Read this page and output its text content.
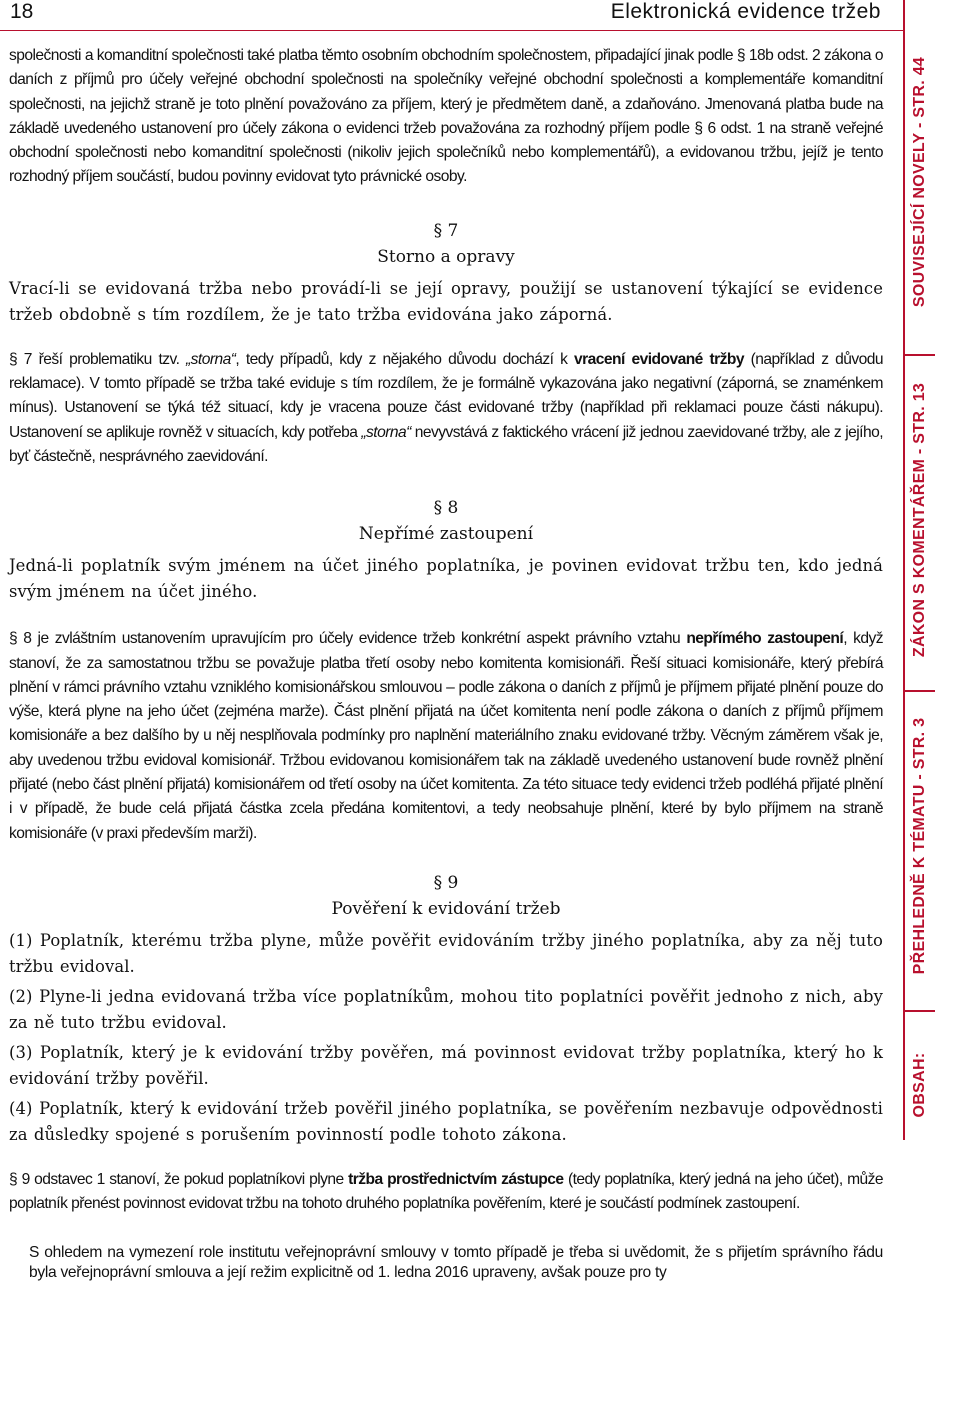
18	Elektronická evidence tržeb

společnosti a komanditní společnosti také platba těmto osobním obchodním společnostem, připadající jinak podle § 18b odst. 2 zákona o daních z příjmů pro účely veřejné obchodní společnosti na společníky veřejné obchodní společnosti a komplementáře komanditní společnosti, na jejichž straně je toto plnění považováno za příjem, který je předmětem daně, a zdaňováno. Jmenovaná platba bude na základě uvedeného ustanovení pro účely zákona o evidenci tržeb považována za rozhodný příjem podle § 6 odst. 1 na straně veřejné obchodní společnosti nebo komanditní společnosti (nikoliv jejich společníků nebo komplementářů), a evidovanou tržbu, jejíž je tento rozhodný příjem součástí, budou povinny evidovat tyto právnické osoby.

§ 7

Storno a opravy

Vrací-li se evidovaná tržba nebo provádí-li se její opravy, použijí se ustanovení týkající se evidence tržeb obdobně s tím rozdílem, že je tato tržba evidována jako záporná.

§ 7 řeší problematiku tzv. „storna“, tedy případů, kdy z nějakého důvodu dochází k vracení evidované tržby (například z důvodu reklamace). V tomto případě se tržba také eviduje s tím rozdílem, že je formálně vykazována jako negativní (záporná, se znaménkem mínus). Ustanovení se týká též situací, kdy je vracena pouze část evidované tržby (například při reklamaci pouze části nákupu). Ustanovení se aplikuje rovněž v situacích, kdy potřeba „storna“ nevyvstává z faktického vrácení již jednou zaevidované tržby, ale z jejího, byť částečně, nesprávného zaevidování.

§ 8

Nepřímé zastoupení

Jedná-li poplatník svým jménem na účet jiného poplatníka, je povinen evidovat tržbu ten, kdo jedná svým jménem na účet jiného.

§ 8 je zvláštním ustanovením upravujícím pro účely evidence tržeb konkrétní aspekt právního vztahu nepřímého zastoupení, když stanoví, že za samostatnou tržbu se považuje platba třetí osoby nebo komitenta komisionáři. Řeší situaci komisionáře, který přebírá plnění v rámci právního vztahu vzniklého komisionářskou smlouvou – podle zákona o daních z příjmů je příjmem přijaté plnění pouze do výše, která plyne na jeho účet (zejména marže). Část plnění přijatá na účet komitenta není podle zákona o daních z příjmů příjmem komisionáře a bez dalšího by u něj nesplňovala podmínky pro naplnění materiálního znaku evidované tržby. Věcným záměrem však je, aby uvedenou tržbu evidoval komisionář. Tržbou evidovanou komisionářem tak na základě uvedeného ustanovení bude rovněž plnění přijaté (nebo část plnění přijatá) komisionářem od třetí osoby na účet komitenta. Za této situace tedy evidenci tržeb podléhá přijaté plnění i v případě, že bude celá přijatá částka zcela předána komitentovi, a tedy neobsahuje plnění, které by bylo příjmem na straně komisionáře (v praxi především marži).

§ 9

Pověření k evidování tržeb

(1) Poplatník, kterému tržba plyne, může pověřit evidováním tržby jiného poplatníka, aby za něj tuto tržbu evidoval.

(2) Plyne-li jedna evidovaná tržba více poplatníkům, mohou tito poplatníci pověřit jednoho z nich, aby za ně tuto tržbu evidoval.

(3) Poplatník, který je k evidování tržby pověřen, má povinnost evidovat tržby poplatníka, který ho k evidování tržby pověřil.

(4) Poplatník, který k evidování tržeb pověřil jiného poplatníka, se pověřením nezbavuje odpovědnosti za důsledky spojené s porušením povinností podle tohoto zákona.

§ 9 odstavec 1 stanoví, že pokud poplatníkovi plyne tržba prostřednictvím zástupce (tedy poplatníka, který jedná na jeho účet), může poplatník přenést povinnost evidovat tržbu na tohoto druhého poplatníka pověřením, které je součástí podmínek zastoupení.

S ohledem na vymezení role institutu veřejnoprávní smlouvy v tomto případě je třeba si uvědomit, že s přijetím správního řádu byla veřejnoprávní smlouva a její režim explicitně od 1. ledna 2016 upraveny, avšak pouze pro ty

SOUVISEJÍCÍ NOVELY - STR. 44
ZÁKON S KOMENTÁŘEM - STR. 13
PŘEHLEDNĚ K TÉMATU - STR. 3
OBSAH:
